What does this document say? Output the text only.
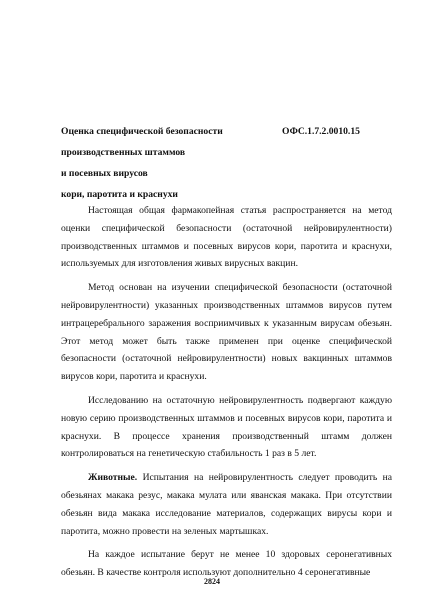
Оценка специфической безопасности
производственных штаммов
и посевных вирусов
кори, паротита и краснухи
ОФС.1.7.2.0010.15

Настоящая общая фармакопейная статья распространяется на метод оценки специфической безопасности (остаточной нейровирулентности) производственных штаммов и посевных вирусов кори, паротита и краснухи, используемых для изготовления живых вирусных вакцин.

Метод основан на изучении специфической безопасности (остаточной нейровирулентности) указанных производственных штаммов вирусов путем интрацеребрального заражения восприимчивых к указанным вирусам обезьян. Этот метод может быть также применен при оценке специфической безопасности (остаточной нейровирулентности) новых вакцинных штаммов вирусов кори, паротита и краснухи.

Исследованию на остаточную нейровирулентность подвергают каждую новую серию производственных штаммов и посевных вирусов кори, паротита и краснухи. В процессе хранения производственный штамм должен контролироваться на генетическую стабильность 1 раз в 5 лет.

Животные. Испытания на нейровирулентность следует проводить на обезьянах макака резус, макака мулата или яванская макака. При отсутствии обезьян вида макака исследование материалов, содержащих вирусы кори и паротита, можно провести на зеленых мартышках.

На каждое испытание берут не менее 10 здоровых серонегативных обезьян. В качестве контроля используют дополнительно 4 серонегативные

2824
